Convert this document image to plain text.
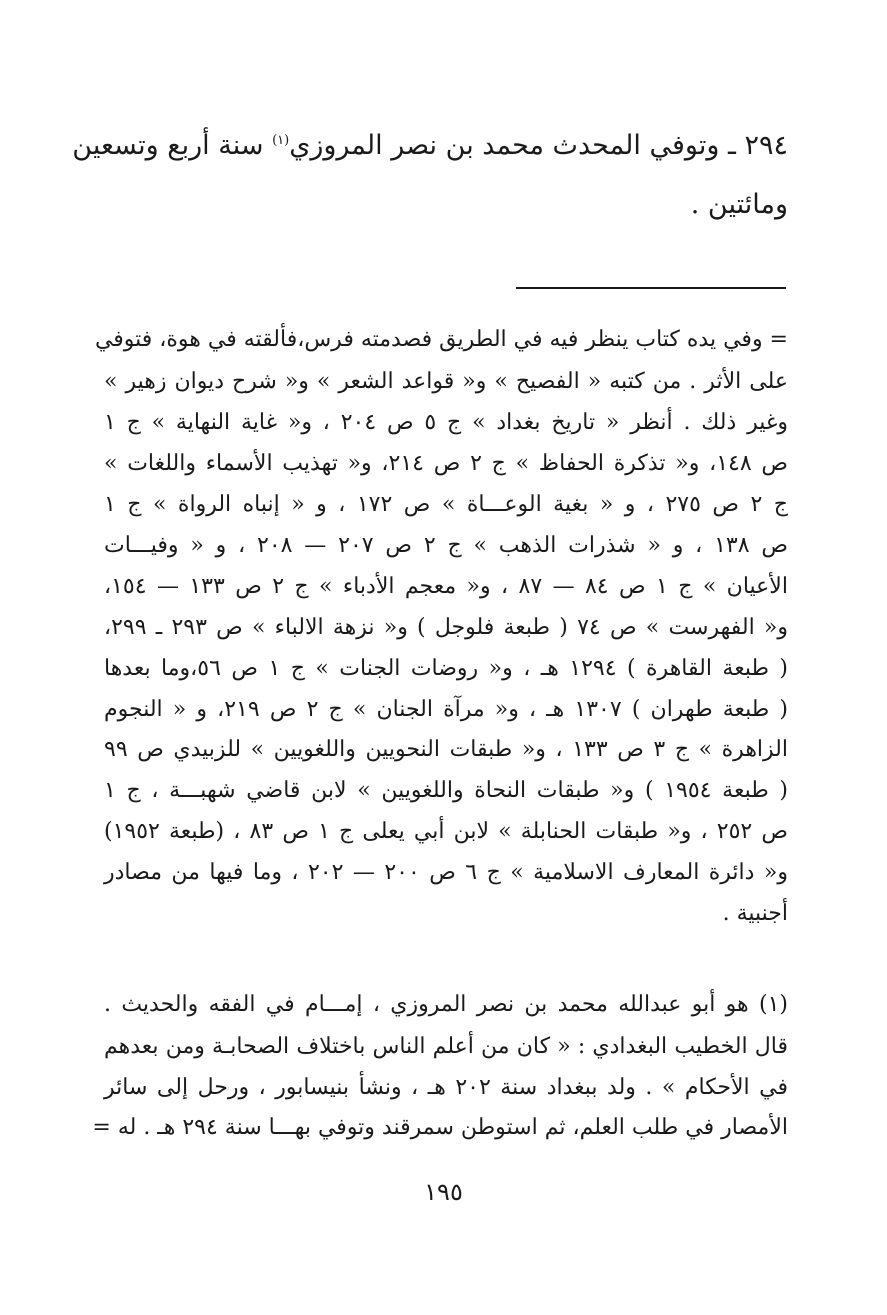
٢٩٤ ـ وتوفي المحدث محمد بن نصر المروزي$^{(١)}$ سنة أربع وتسعين
ومائتين .
= وفي يده كتاب ينظر فيه في الطريق فصدمته فرس،فألقته في هوة، فتوفي
على الأثر . من كتبه « الفصيح » و« قواعد الشعر » و« شرح ديوان زهير »
وغير ذلك . أنظر « تاريخ بغداد » ج ٥ ص ٢٠٤ ، و« غاية النهاية » ج ١
ص ١٤٨، و« تذكرة الحفاظ » ج ٢ ص ٢١٤، و« تهذيب الأسماء واللغات »
ج ٢ ص ٢٧٥ ، و « بغية الوعـــاة » ص ١٧٢ ، و « إنباه الرواة » ج ١
ص ١٣٨ ، و « شذرات الذهب » ج ٢ ص ٢٠٧ — ٢٠٨ ، و « وفيـــات
الأعيان » ج ١ ص ٨٤ — ٨٧ ، و« معجم الأدباء » ج ٢ ص ١٣٣ — ١٥٤،
و« الفهرست » ص ٧٤ ( طبعة فلوجل ) و« نزهة الالباء » ص ٢٩٣ ـ ٢٩٩،
( طبعة القاهرة ) ١٢٩٤ هـ ، و« روضات الجنات » ج ١ ص ٥٦،وما بعدها
( طبعة طهران ) ١٣٠٧ هـ ، و« مرآة الجنان » ج ٢ ص ٢١٩، و « النجوم
الزاهرة » ج ٣ ص ١٣٣ ، و« طبقات النحويين واللغويين » للزبيدي ص ٩٩
( طبعة ١٩٥٤ ) و« طبقات النحاة واللغويين » لابن قاضي شهبـــة ، ج ١
ص ٢٥٢ ، و« طبقات الحنابلة » لابن أبي يعلى ج ١ ص ٨٣ ، (طبعة ١٩٥٢)
و« دائرة المعارف الاسلامية » ج ٦ ص ٢٠٠ — ٢٠٢ ، وما فيها من مصادر
أجنبية .
(١) هو أبو عبدالله محمد بن نصر المروزي ، إمـــام في الفقه والحديث .
قال الخطيب البغدادي : « كان من أعلم الناس باختلاف الصحابـة ومن بعدهم
في الأحكام » . ولد ببغداد سنة ٢٠٢ هـ ، ونشأ بنيسابور ، ورحل إلى سائر
الأمصار في طلب العلم، ثم استوطن سمرقند وتوفي بهـــا سنة ٢٩٤ هـ . له =
١٩٥
